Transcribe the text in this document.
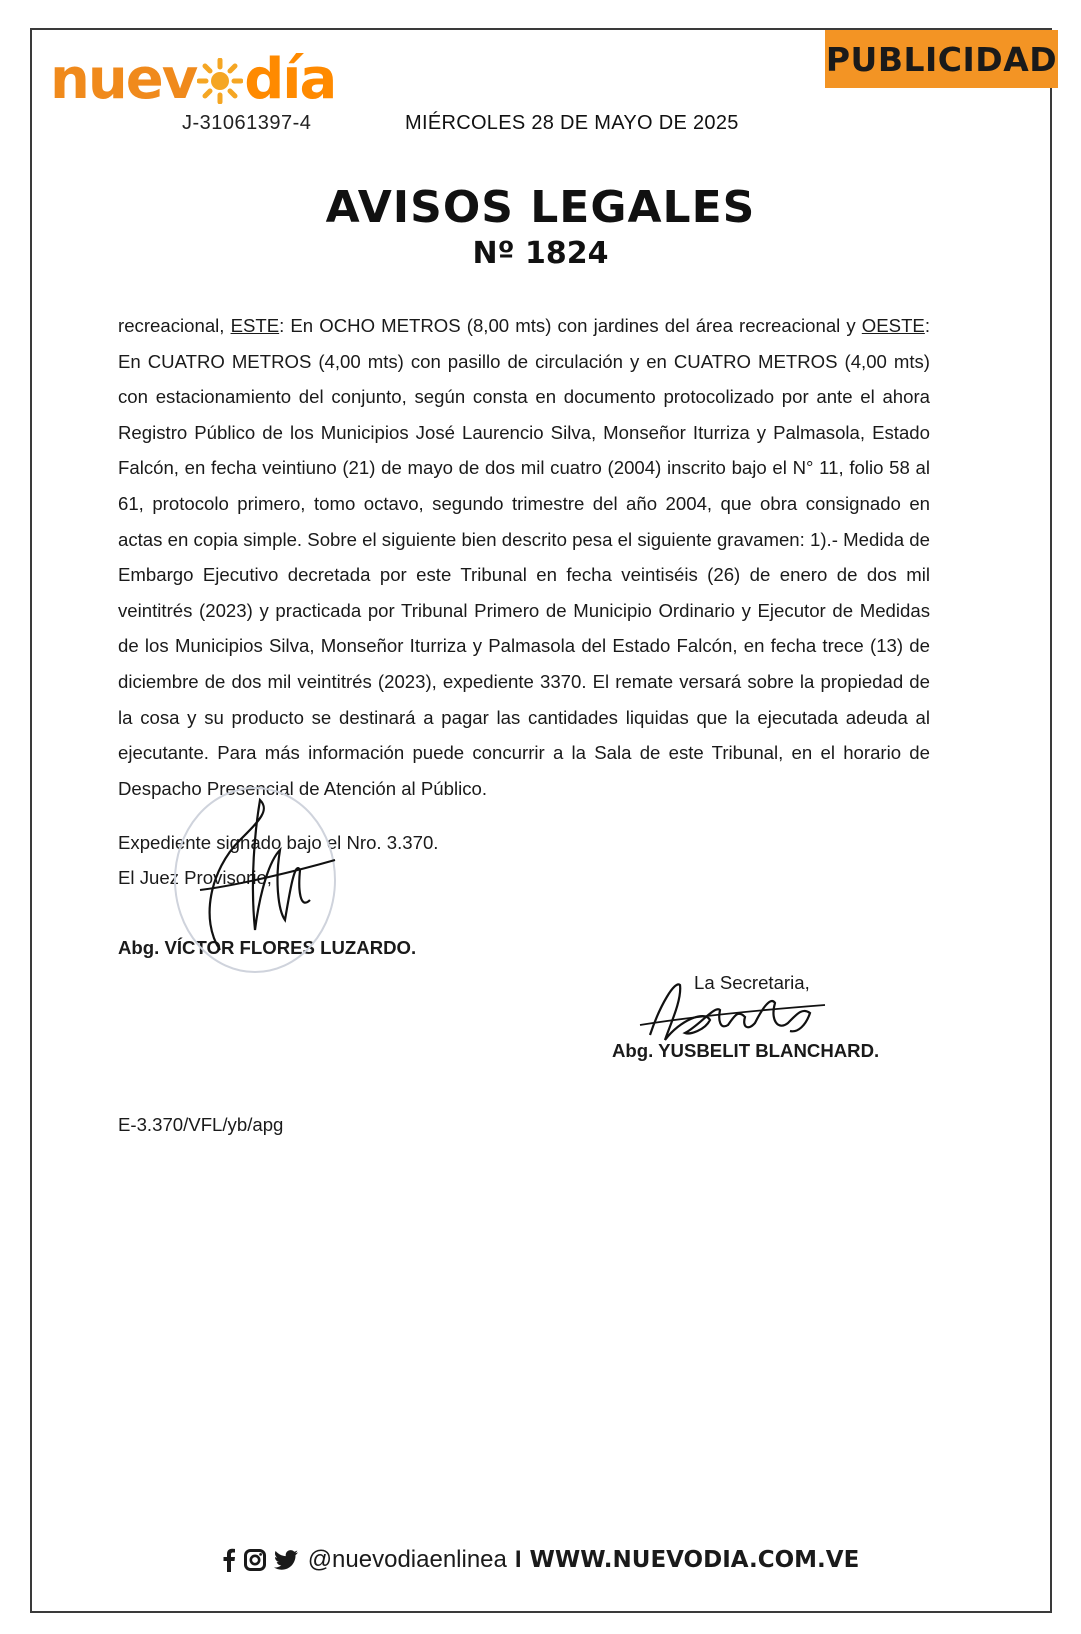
nuev día
J-31061397-4	MIÉRCOLES 28 DE MAYO DE 2025
PUBLICIDAD
AVISOS LEGALES
Nº 1824

recreacional, ESTE: En OCHO METROS (8,00 mts) con jardines del área recreacional y OESTE: En CUATRO METROS (4,00 mts) con pasillo de circulación y en CUATRO METROS (4,00 mts) con estacionamiento del conjunto, según consta en documento protocolizado por ante el ahora Registro Público de los Municipios José Laurencio Silva, Monseñor Iturriza y Palmasola, Estado Falcón, en fecha veintiuno (21) de mayo de dos mil cuatro (2004) inscrito bajo el N° 11, folio 58 al 61, protocolo primero, tomo octavo, segundo trimestre del año 2004, que obra consignado en actas en copia simple. Sobre el siguiente bien descrito pesa el siguiente gravamen: 1).- Medida de Embargo Ejecutivo decretada por este Tribunal en fecha veintiséis (26) de enero de dos mil veintitrés (2023) y practicada por Tribunal Primero de Municipio Ordinario y Ejecutor de Medidas de los Municipios Silva, Monseñor Iturriza y Palmasola del Estado Falcón, en fecha trece (13) de diciembre de dos mil veintitrés (2023), expediente 3370. El remate versará sobre la propiedad de la cosa y su producto se destinará a pagar las cantidades liquidas que la ejecutada adeuda al ejecutante. Para más información puede concurrir a la Sala de este Tribunal, en el horario de Despacho Presencial de Atención al Público.

Expediente signado bajo el Nro. 3.370.
El Juez Provisorio,
Abg. VÍCTOR FLORES LUZARDO.
La Secretaria,
Abg. YUSBELIT BLANCHARD.
E-3.370/VFL/yb/apg
@nuevodiaenlinea I WWW.NUEVODIA.COM.VE
